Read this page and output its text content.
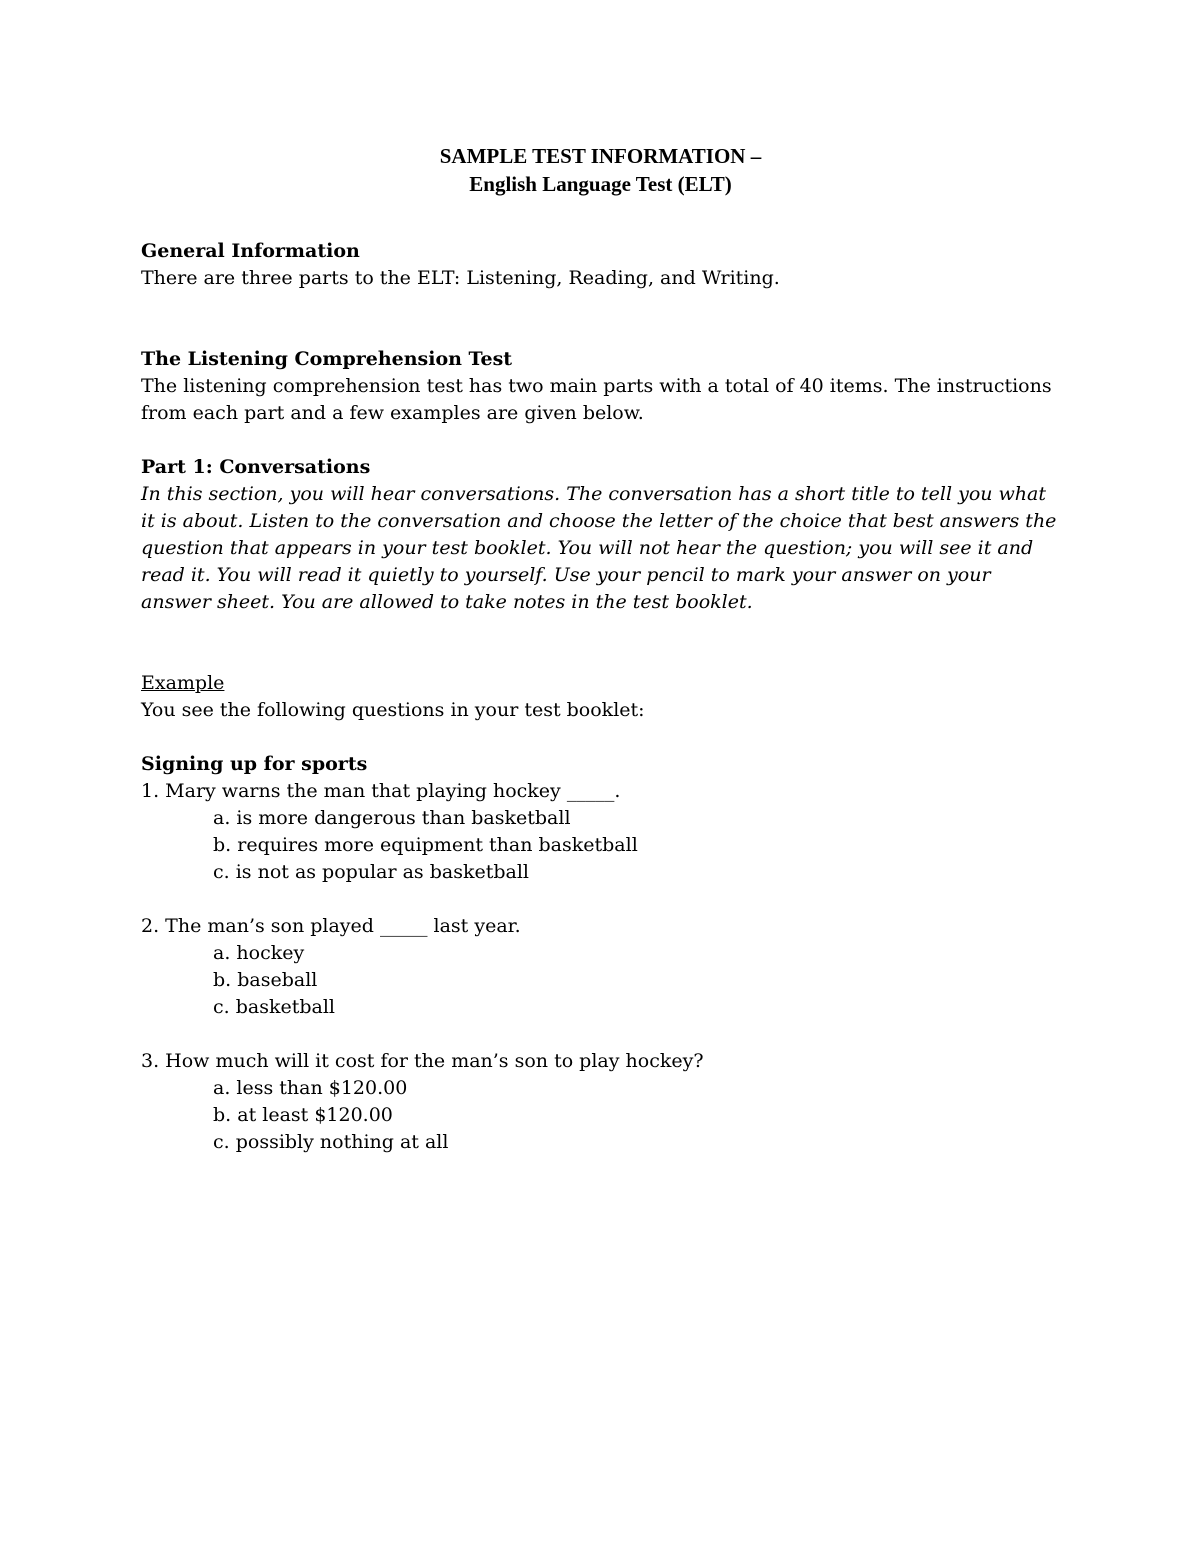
SAMPLE TEST INFORMATION –
English Language Test (ELT)

General Information

There are three parts to the ELT: Listening, Reading, and Writing.

The Listening Comprehension Test

The listening comprehension test has two main parts with a total of 40 items. The instructions from each part and a few examples are given below.

Part 1: Conversations

In this section, you will hear conversations. The conversation has a short title to tell you what it is about. Listen to the conversation and choose the letter of the choice that best answers the question that appears in your test booklet. You will not hear the question; you will see it and read it. You will read it quietly to yourself. Use your pencil to mark your answer on your answer sheet. You are allowed to take notes in the test booklet.

Example

You see the following questions in your test booklet:

Signing up for sports

1. Mary warns the man that playing hockey _____.

a. is more dangerous than basketball
b. requires more equipment than basketball
c. is not as popular as basketball

2. The man’s son played _____ last year.

a. hockey
b. baseball
c. basketball

3. How much will it cost for the man’s son to play hockey?

a. less than $120.00
b. at least $120.00
c. possibly nothing at all
